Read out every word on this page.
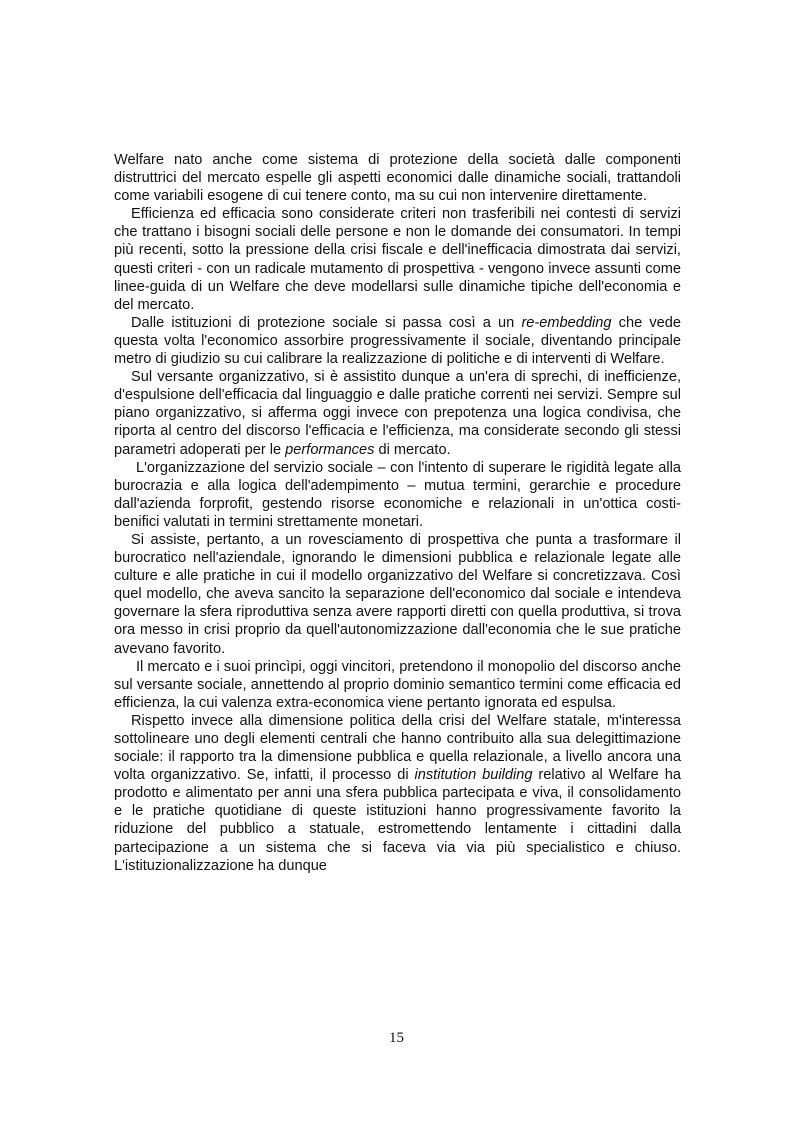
Welfare nato anche come sistema di protezione della società dalle componenti distruttrici del mercato espelle gli aspetti economici dalle dinamiche sociali, trattandoli come variabili esogene di cui tenere conto, ma su cui non intervenire direttamente.

Efficienza ed efficacia sono considerate criteri non trasferibili nei contesti di servizi che trattano i bisogni sociali delle persone e non le domande dei consumatori. In tempi più recenti, sotto la pressione della crisi fiscale e dell'inefficacia dimostrata dai servizi, questi criteri - con un radicale mutamento di prospettiva - vengono invece assunti come linee-guida di un Welfare che deve modellarsi sulle dinamiche tipiche dell'economia e del mercato.

Dalle istituzioni di protezione sociale si passa così a un re-embedding che vede questa volta l'economico assorbire progressivamente il sociale, diventando principale metro di giudizio su cui calibrare la realizzazione di politiche e di interventi di Welfare.

Sul versante organizzativo, si è assistito dunque a un'era di sprechi, di inefficienze, d'espulsione dell'efficacia dal linguaggio e dalle pratiche correnti nei servizi. Sempre sul piano organizzativo, si afferma oggi invece con prepotenza una logica condivisa, che riporta al centro del discorso l'efficacia e l'efficienza, ma considerate secondo gli stessi parametri adoperati per le performances di mercato.

L'organizzazione del servizio sociale – con l'intento di superare le rigidità legate alla burocrazia e alla logica dell'adempimento – mutua termini, gerarchie e procedure dall'azienda forprofit, gestendo risorse economiche e relazionali in un'ottica costi-benifici valutati in termini strettamente monetari.

Si assiste, pertanto, a un rovesciamento di prospettiva che punta a trasformare il burocratico nell'aziendale, ignorando le dimensioni pubblica e relazionale legate alle culture e alle pratiche in cui il modello organizzativo del Welfare si concretizzava. Così quel modello, che aveva sancito la separazione dell'economico dal sociale e intendeva governare la sfera riproduttiva senza avere rapporti diretti con quella produttiva, si trova ora messo in crisi proprio da quell'autonomizzazione dall'economia che le sue pratiche avevano favorito.

Il mercato e i suoi princìpi, oggi vincitori, pretendono il monopolio del discorso anche sul versante sociale, annettendo al proprio dominio semantico termini come efficacia ed efficienza, la cui valenza extra-economica viene pertanto ignorata ed espulsa.

Rispetto invece alla dimensione politica della crisi del Welfare statale, m'interessa sottolineare uno degli elementi centrali che hanno contribuito alla sua delegittimazione sociale: il rapporto tra la dimensione pubblica e quella relazionale, a livello ancora una volta organizzativo. Se, infatti, il processo di institution building relativo al Welfare ha prodotto e alimentato per anni una sfera pubblica partecipata e viva, il consolidamento e le pratiche quotidiane di queste istituzioni hanno progressivamente favorito la riduzione del pubblico a statuale, estromettendo lentamente i cittadini dalla partecipazione a un sistema che si faceva via via più specialistico e chiuso. L'istituzionalizzazione ha dunque

15
